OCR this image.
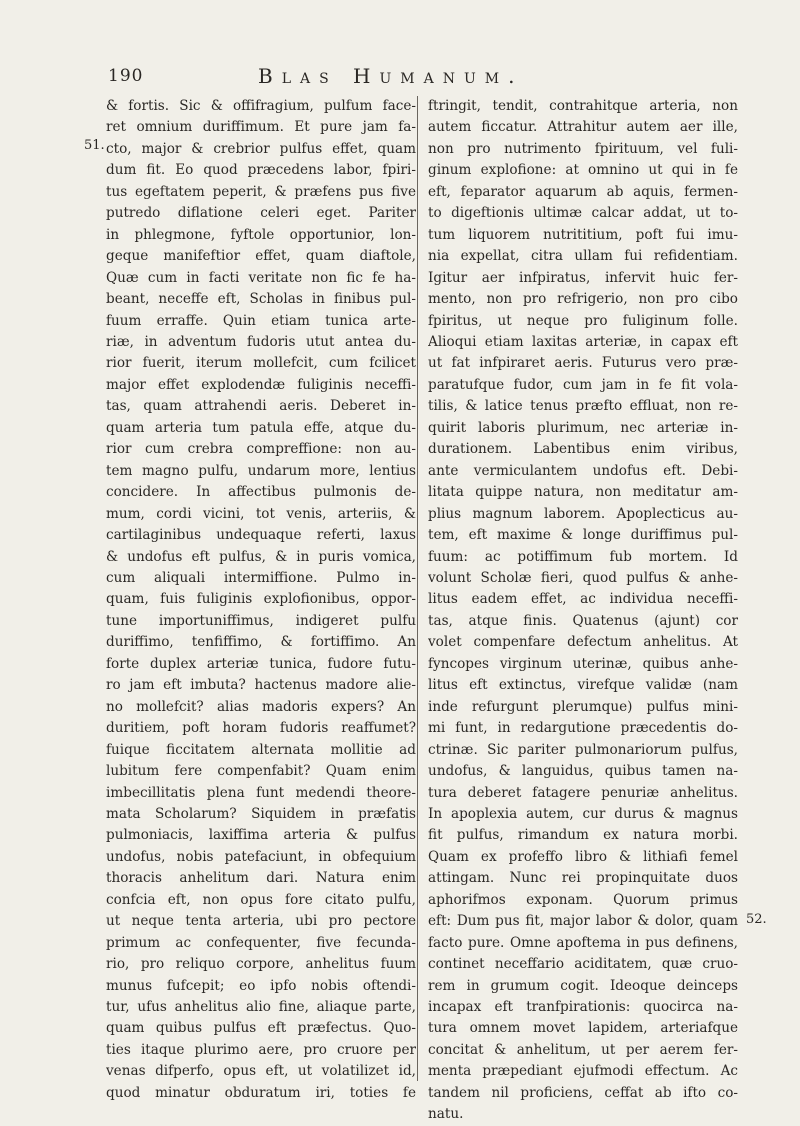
190	Blas Humanum.
51.
52.
& fortis. Sic & offifragium, pulfum face-
ret omnium duriffimum. Et pure jam fa-
cto, major & crebrior pulfus effet, quam
dum fit. Eo quod præcedens labor, fpiri-
tus egeftatem peperit, & præfens pus five
putredo diflatione celeri eget. Pariter
in phlegmone, fyftole opportunior, lon-
geque manifeftior effet, quam diaftole,
Quæ cum in facti veritate non fic fe ha-
beant, neceffe eft, Scholas in finibus pul-
fuum erraffe. Quin etiam tunica arte-
riæ, in adventum fudoris utut antea du-
rior fuerit, iterum mollefcit, cum fcilicet
major effet explodendæ fuliginis neceffi-
tas, quam attrahendi aeris. Deberet in-
quam arteria tum patula effe, atque du-
rior cum crebra compreffione: non au-
tem magno pulfu, undarum more, lentius
concidere. In affectibus pulmonis de-
mum, cordi vicini, tot venis, arteriis, &
cartilaginibus undequaque referti, laxus
& undofus eft pulfus, & in puris vomica,
cum aliquali intermiffione. Pulmo in-
quam, fuis fuliginis explofionibus, oppor-
tune importuniffimus, indigeret pulfu
duriffimo, tenfiffimo, & fortiffimo. An
forte duplex arteriæ tunica, fudore futu-
ro jam eft imbuta? hactenus madore alie-
no mollefcit? alias madoris expers? An
duritiem, poft horam fudoris reaffumet?
fuique ficcitatem alternata mollitie ad
lubitum fere compenfabit? Quam enim
imbecillitatis plena funt medendi theore-
mata Scholarum? Siquidem in præfatis
pulmoniacis, laxiffima arteria & pulfus
undofus, nobis patefaciunt, in obfequium
thoracis anhelitum dari. Natura enim
confcia eft, non opus fore citato pulfu,
ut neque tenta arteria, ubi pro pectore
primum ac confequenter, five fecunda-
rio, pro reliquo corpore, anhelitus fuum
munus fufcepit; eo ipfo nobis oftendi-
tur, ufus anhelitus alio fine, aliaque parte,
quam quibus pulfus eft præfectus. Quo-
ties itaque plurimo aere, pro cruore per
venas difperfo, opus eft, ut volatilizet id,
quod minatur obduratum iri, toties fe
ftringit, tendit, contrahitque arteria, non
autem ficcatur. Attrahitur autem aer ille,
non pro nutrimento fpirituum, vel fuli-
ginum explofione: at omnino ut qui in fe
eft, feparator aquarum ab aquis, fermen-
to digeftionis ultimæ calcar addat, ut to-
tum liquorem nutrititium, poft fui imu-
nia expellat, citra ullam fui refidentiam.
Igitur aer infpiratus, infervit huic fer-
mento, non pro refrigerio, non pro cibo
fpiritus, ut neque pro fuliginum folle.
Alioqui etiam laxitas arteriæ, in capax eft
ut fat infpiraret aeris. Futurus vero præ-
paratufque fudor, cum jam in fe fit vola-
tilis, & latice tenus præfto effluat, non re-
quirit laboris plurimum, nec arteriæ in-
durationem. Labentibus enim viribus,
ante vermiculantem undofus eft. Debi-
litata quippe natura, non meditatur am-
plius magnum laborem. Apoplecticus au-
tem, eft maxime & longe duriffimus pul-
fuum: ac potiffimum fub mortem. Id
volunt Scholæ fieri, quod pulfus & anhe-
litus eadem effet, ac individua neceffi-
tas, atque finis. Quatenus (ajunt) cor
volet compenfare defectum anhelitus. At
fyncopes virginum uterinæ, quibus anhe-
litus eft extinctus, virefque validæ (nam
inde refurgunt plerumque) pulfus mini-
mi funt, in redargutione præcedentis do-
ctrinæ. Sic pariter pulmonariorum pulfus,
undofus, & languidus, quibus tamen na-
tura deberet fatagere penuriæ anhelitus.
In apoplexia autem, cur durus & magnus
fit pulfus, rimandum ex natura morbi.
Quam ex profeffo libro & lithiafi femel
attingam. Nunc rei propinquitate duos
aphorifmos exponam. Quorum primus
eft: Dum pus fit, major labor & dolor, quam
facto pure. Omne apoftema in pus definens,
continet neceffario aciditatem, quæ cruo-
rem in grumum cogit. Ideoque deinceps
incapax eft tranfpirationis: quocirca na-
tura omnem movet lapidem, arteriafque
concitat & anhelitum, ut per aerem fer-
menta præpediant ejufmodi effectum. Ac
tandem nil proficiens, ceffat ab ifto co-
natu.
